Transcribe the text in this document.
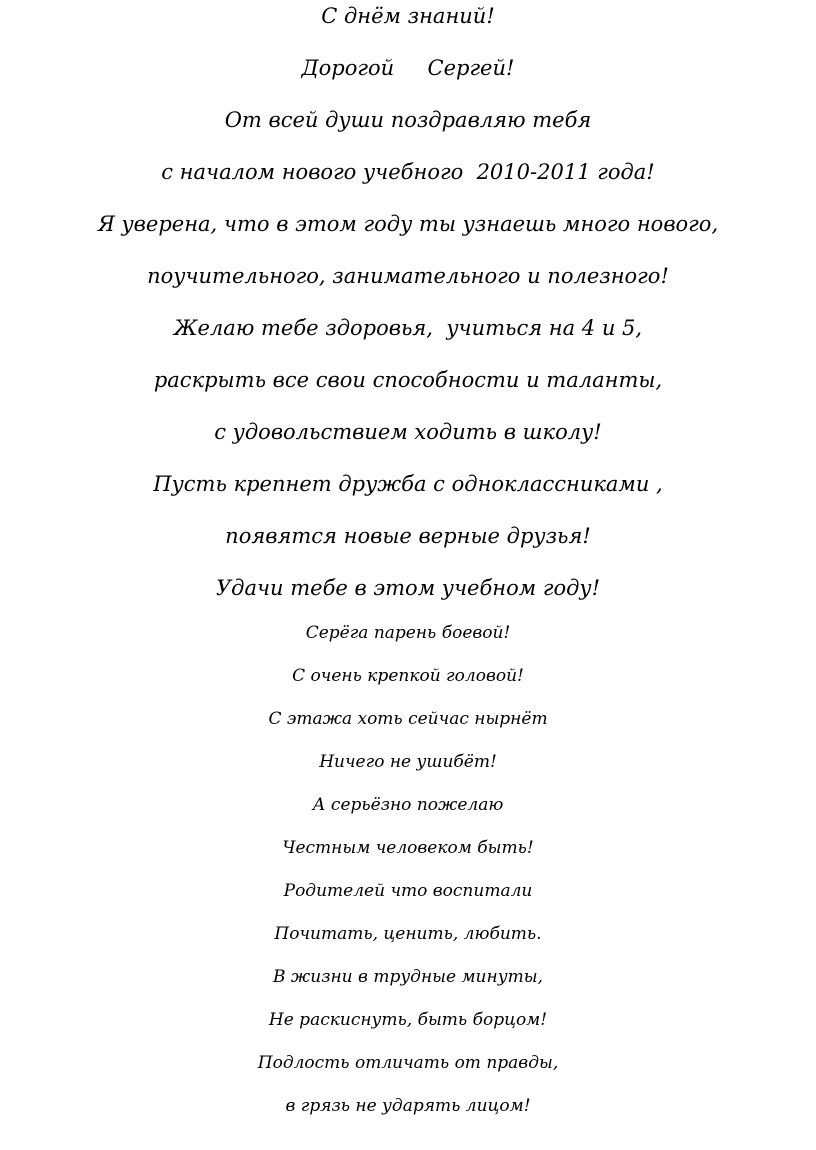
С днём знаний!
Дорогой     Сергей!
От всей души поздравляю тебя
с началом нового учебного  2010-2011 года!
Я уверена, что в этом году ты узнаешь много нового,
поучительного, занимательного и полезного!
Желаю тебе здоровья,  учиться на 4 и 5,
раскрыть все свои способности и таланты,
с удовольствием ходить в школу!
Пусть крепнет дружба с одноклассниками ,
появятся новые верные друзья!
Удачи тебе в этом учебном году!
Серёга парень боевой!
С очень крепкой головой!
С этажа хоть сейчас нырнёт
Ничего не ушибёт!
А серьёзно пожелаю
Честным человеком быть!
Родителей что воспитали
Почитать, ценить, любить.
В жизни в трудные минуты,
Не раскиснуть, быть борцом!
Подлость отличать от правды,
в грязь не ударять лицом!
